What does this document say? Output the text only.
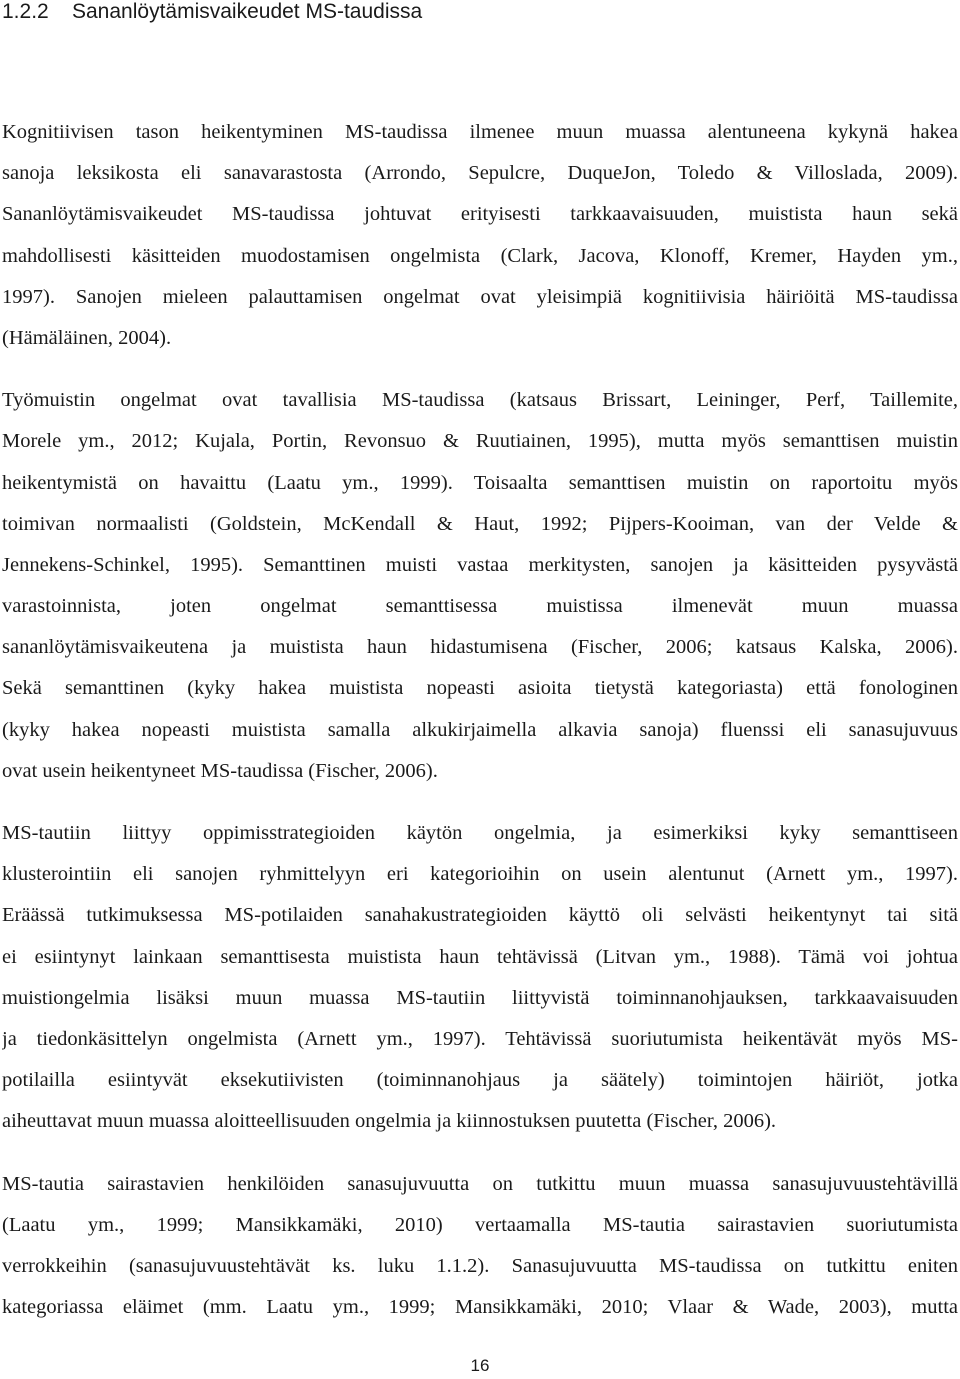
1.2.2 Sananlöytämisvaikeudet MS-taudissa
Kognitiivisen tason heikentyminen MS-taudissa ilmenee muun muassa alentuneena kykynä hakea
sanoja leksikosta eli sanavarastosta (Arrondo, Sepulcre, DuqueJon, Toledo & Villoslada, 2009).
Sananlöytämisvaikeudet MS-taudissa johtuvat erityisesti tarkkaavaisuuden, muistista haun sekä
mahdollisesti käsitteiden muodostamisen ongelmista (Clark, Jacova, Klonoff, Kremer, Hayden ym.,
1997). Sanojen mieleen palauttamisen ongelmat ovat yleisimpiä kognitiivisia häiriöitä MS-taudissa
(Hämäläinen, 2004).
Työmuistin ongelmat ovat tavallisia MS-taudissa (katsaus Brissart, Leininger, Perf, Taillemite,
Morele ym., 2012; Kujala, Portin, Revonsuo & Ruutiainen, 1995), mutta myös semanttisen muistin
heikentymistä on havaittu (Laatu ym., 1999). Toisaalta semanttisen muistin on raportoitu myös
toimivan normaalisti (Goldstein, McKendall & Haut, 1992; Pijpers-Kooiman, van der Velde &
Jennekens-Schinkel, 1995). Semanttinen muisti vastaa merkitysten, sanojen ja käsitteiden pysyvästä
varastoinnista, joten ongelmat semanttisessa muistissa ilmenevät muun muassa
sananlöytämisvaikeutena ja muistista haun hidastumisena (Fischer, 2006; katsaus Kalska, 2006).
Sekä semanttinen (kyky hakea muistista nopeasti asioita tietystä kategoriasta) että fonologinen
(kyky hakea nopeasti muistista samalla alkukirjaimella alkavia sanoja) fluenssi eli sanasujuvuus
ovat usein heikentyneet MS-taudissa (Fischer, 2006).
MS-tautiin liittyy oppimisstrategioiden käytön ongelmia, ja esimerkiksi kyky semanttiseen
klusterointiin eli sanojen ryhmittelyyn eri kategorioihin on usein alentunut (Arnett ym., 1997).
Eräässä tutkimuksessa MS-potilaiden sanahakustrategioiden käyttö oli selvästi heikentynyt tai sitä
ei esiintynyt lainkaan semanttisesta muistista haun tehtävissä (Litvan ym., 1988). Tämä voi johtua
muistiongelmia lisäksi muun muassa MS-tautiin liittyvistä toiminnanohjauksen, tarkkaavaisuuden
ja tiedonkäsittelyn ongelmista (Arnett ym., 1997). Tehtävissä suoriutumista heikentävät myös MS-
potilailla esiintyvät eksekutiivisten (toiminnanohjaus ja säätely) toimintojen häiriöt, jotka
aiheuttavat muun muassa aloitteellisuuden ongelmia ja kiinnostuksen puutetta (Fischer, 2006).
MS-tautia sairastavien henkilöiden sanasujuvuutta on tutkittu muun muassa sanasujuvuustehtävillä
(Laatu ym., 1999; Mansikkamäki, 2010) vertaamalla MS-tautia sairastavien suoriutumista
verrokkeihin (sanasujuvuustehtävät ks. luku 1.1.2). Sanasujuvuutta MS-taudissa on tutkittu eniten
kategoriassa eläimet (mm. Laatu ym., 1999; Mansikkamäki, 2010; Vlaar & Wade, 2003), mutta
16
